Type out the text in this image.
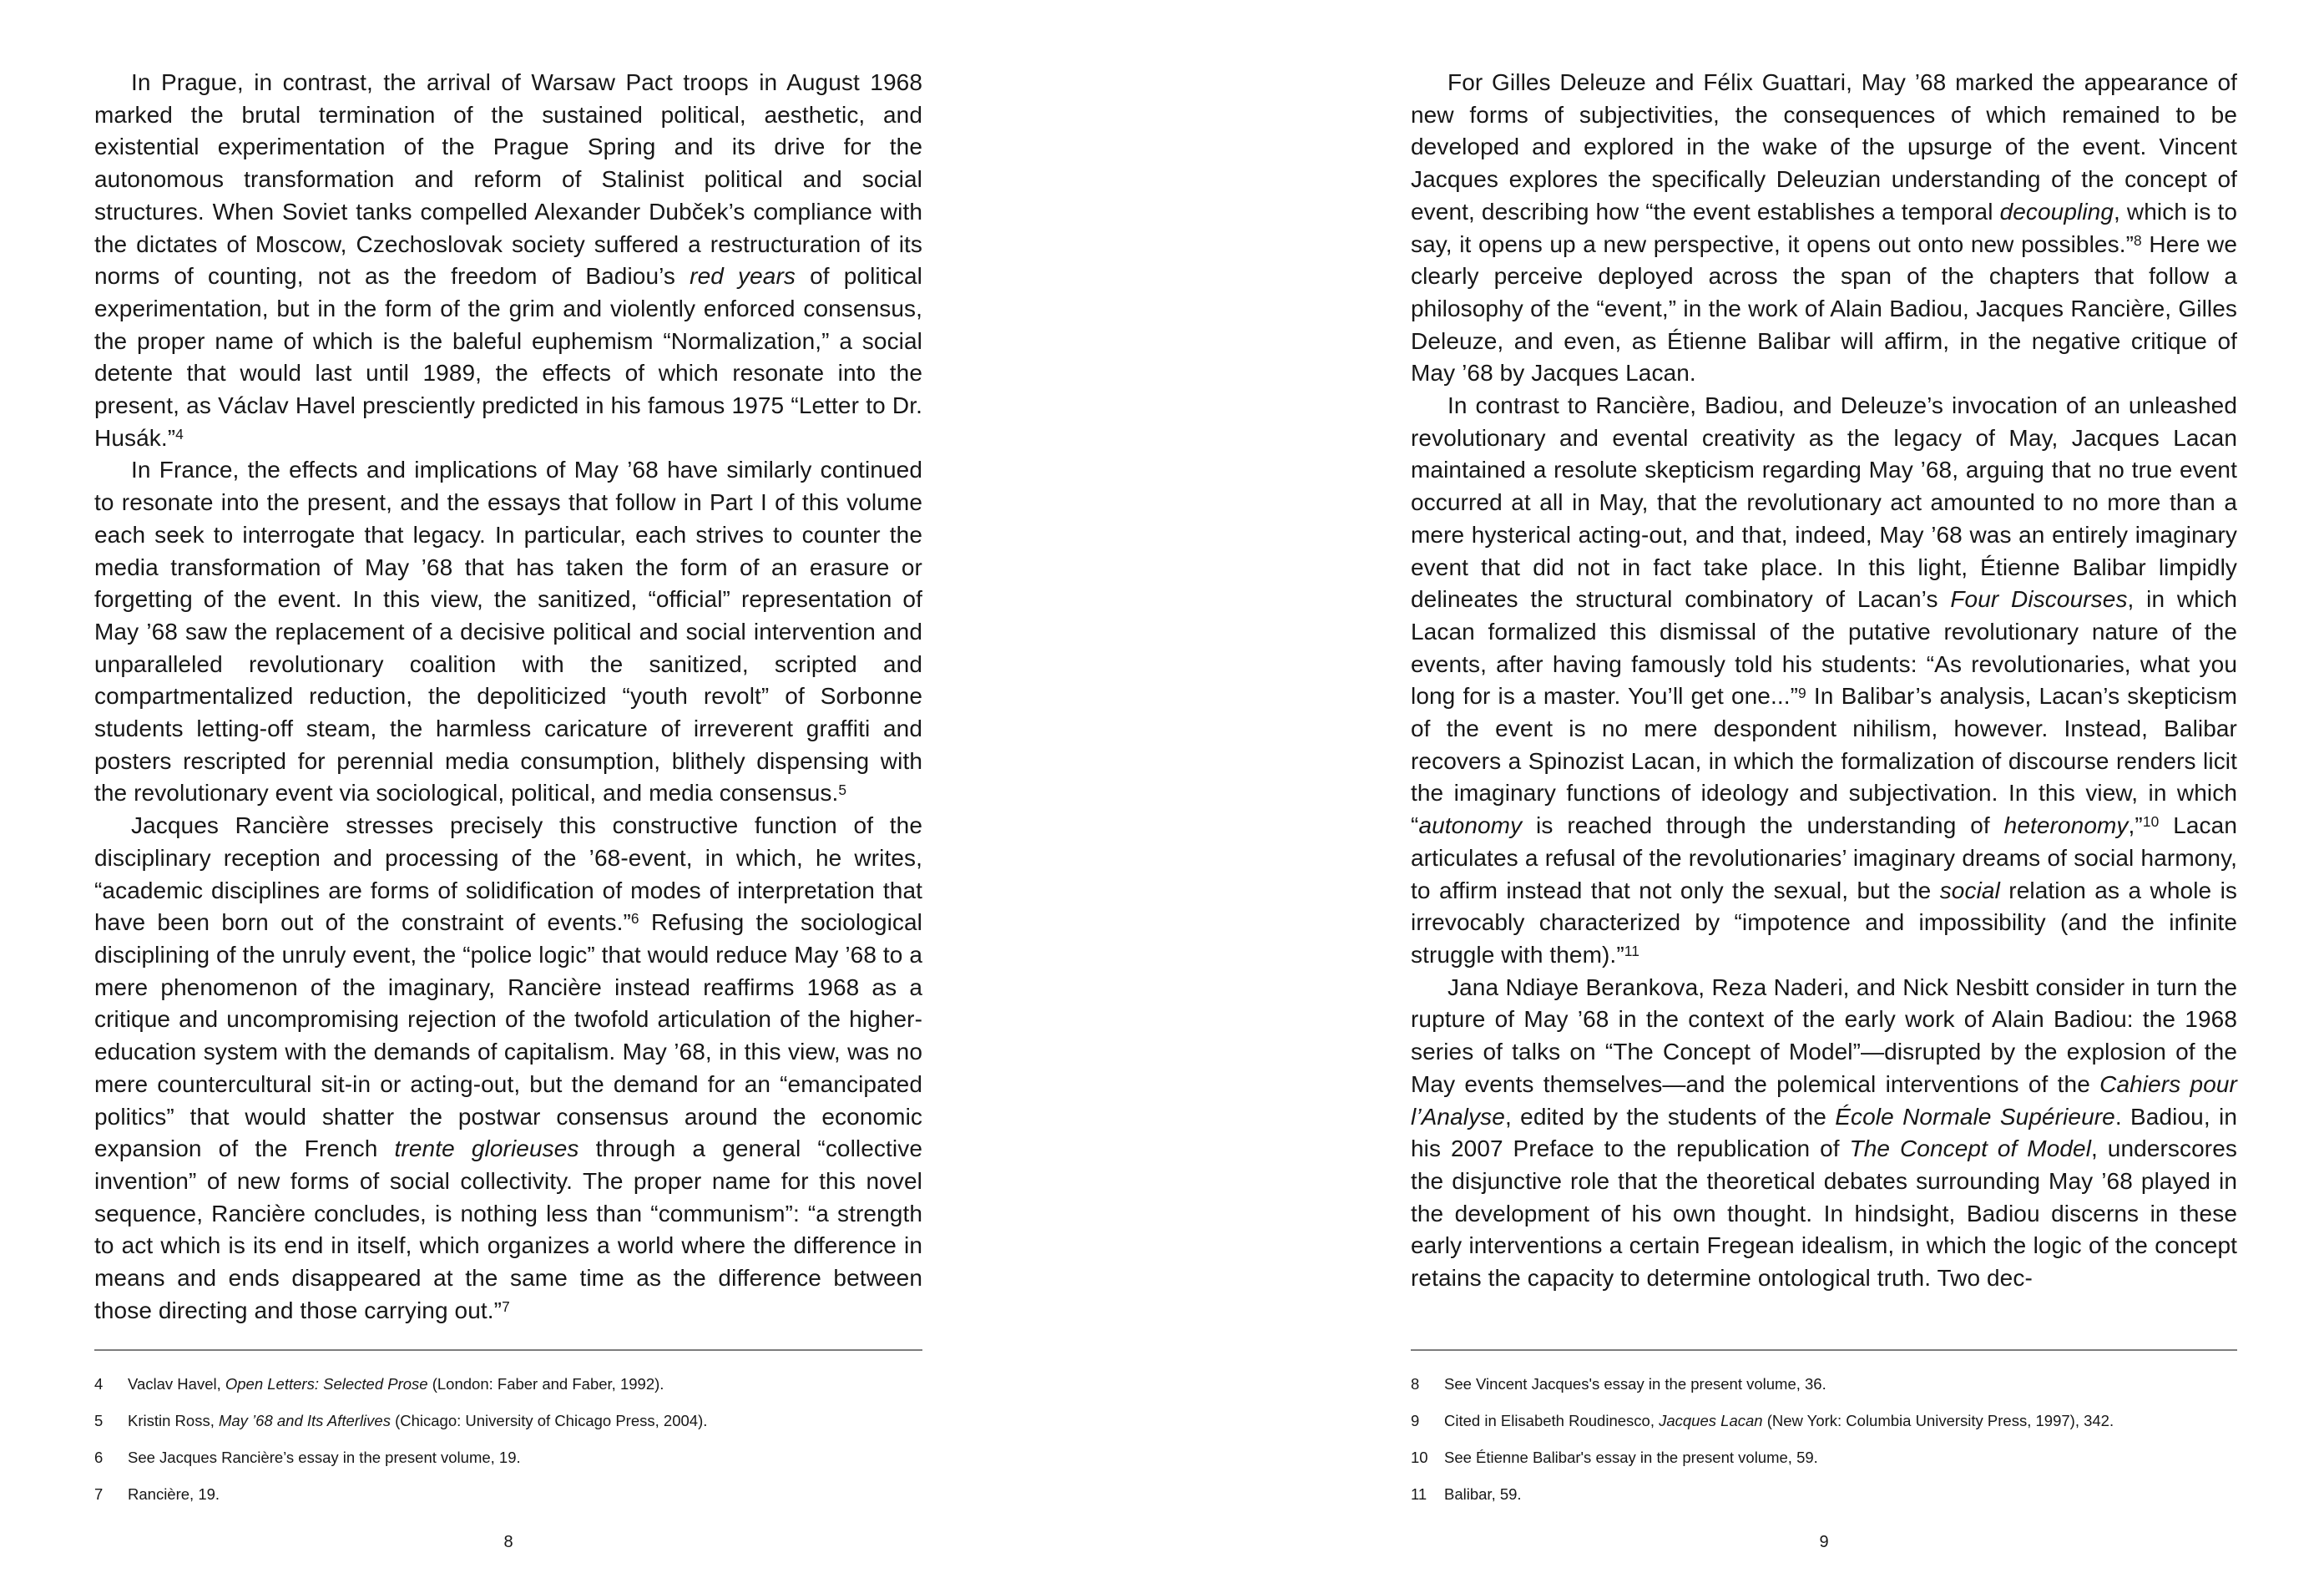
In Prague, in contrast, the arrival of Warsaw Pact troops in August 1968 marked the brutal termination of the sustained political, aesthetic, and existential experimentation of the Prague Spring and its drive for the autonomous transformation and reform of Stalinist political and social structures. When Soviet tanks compelled Alexander Dubček’s compliance with the dictates of Moscow, Czechoslovak society suffered a restructuration of its norms of counting, not as the freedom of Badiou’s red years of political experimentation, but in the form of the grim and violently enforced consensus, the proper name of which is the baleful euphemism “Normalization,” a social detente that would last until 1989, the effects of which resonate into the present, as Václav Havel presciently predicted in his famous 1975 “Letter to Dr. Husák.”$^4$

In France, the effects and implications of May ’68 have similarly continued to resonate into the present, and the essays that follow in Part I of this volume each seek to interrogate that legacy. In particular, each strives to counter the media transformation of May ’68 that has taken the form of an erasure or forgetting of the event. In this view, the sanitized, “official” representation of May ’68 saw the replacement of a decisive political and social intervention and unparalleled revolutionary coalition with the sanitized, scripted and compartmentalized reduction, the depoliticized “youth revolt” of Sorbonne students letting-off steam, the harmless caricature of irreverent graffiti and posters rescripted for perennial media consumption, blithely dispensing with the revolutionary event via sociological, political, and media consensus.$^5$

Jacques Rancière stresses precisely this constructive function of the disciplinary reception and processing of the ’68-event, in which, he writes, “academic disciplines are forms of solidification of modes of interpretation that have been born out of the constraint of events.”$^6$ Refusing the sociological disciplining of the unruly event, the “police logic” that would reduce May ’68 to a mere phenomenon of the imaginary, Rancière instead reaffirms 1968 as a critique and uncompromising rejection of the twofold articulation of the higher-education system with the demands of capitalism. May ’68, in this view, was no mere countercultural sit-in or acting-out, but the demand for an “emancipated politics” that would shatter the postwar consensus around the economic expansion of the French trente glorieuses through a general “collective invention” of new forms of social collectivity. The proper name for this novel sequence, Rancière concludes, is nothing less than “communism”: “a strength to act which is its end in itself, which organizes a world where the difference in means and ends disappeared at the same time as the difference between those directing and those carrying out.”$^7$

4	Vaclav Havel, Open Letters: Selected Prose (London: Faber and Faber, 1992).
5	Kristin Ross, May ’68 and Its Afterlives (Chicago: University of Chicago Press, 2004).
6	See Jacques Rancière’s essay in the present volume, 19.
7	Rancière, 19.
8

For Gilles Deleuze and Félix Guattari, May ’68 marked the appearance of new forms of subjectivities, the consequences of which remained to be developed and explored in the wake of the upsurge of the event. Vincent Jacques explores the specifically Deleuzian understanding of the concept of event, describing how “the event establishes a temporal decoupling, which is to say, it opens up a new perspective, it opens out onto new possibles.”$^8$ Here we clearly perceive deployed across the span of the chapters that follow a philosophy of the “event,” in the work of Alain Badiou, Jacques Rancière, Gilles Deleuze, and even, as Étienne Balibar will affirm, in the negative critique of May ’68 by Jacques Lacan.

In contrast to Rancière, Badiou, and Deleuze’s invocation of an unleashed revolutionary and evental creativity as the legacy of May, Jacques Lacan maintained a resolute skepticism regarding May ’68, arguing that no true event occurred at all in May, that the revolutionary act amounted to no more than a mere hysterical acting-out, and that, indeed, May ’68 was an entirely imaginary event that did not in fact take place. In this light, Étienne Balibar limpidly delineates the structural combinatory of Lacan’s Four Discourses, in which Lacan formalized this dismissal of the putative revolutionary nature of the events, after having famously told his students: “As revolutionaries, what you long for is a master. You’ll get one...”$^9$ In Balibar’s analysis, Lacan’s skepticism of the event is no mere despondent nihilism, however. Instead, Balibar recovers a Spinozist Lacan, in which the formalization of discourse renders licit the imaginary functions of ideology and subjectivation. In this view, in which “autonomy is reached through the understanding of heteronomy,”$^{10}$ Lacan articulates a refusal of the revolutionaries’ imaginary dreams of social harmony, to affirm instead that not only the sexual, but the social relation as a whole is irrevocably characterized by “impotence and impossibility (and the infinite struggle with them).”$^{11}$

Jana Ndiaye Berankova, Reza Naderi, and Nick Nesbitt consider in turn the rupture of May ’68 in the context of the early work of Alain Badiou: the 1968 series of talks on “The Concept of Model”—disrupted by the explosion of the May events themselves—and the polemical interventions of the Cahiers pour l’Analyse, edited by the students of the École Normale Supérieure. Badiou, in his 2007 Preface to the republication of The Concept of Model, underscores the disjunctive role that the theoretical debates surrounding May ’68 played in the development of his own thought. In hindsight, Badiou discerns in these early interventions a certain Fregean idealism, in which the logic of the concept retains the capacity to determine ontological truth. Two dec-

8	See Vincent Jacques's essay in the present volume, 36.
9	Cited in Elisabeth Roudinesco, Jacques Lacan (New York: Columbia University Press, 1997), 342.
10	See Étienne Balibar's essay in the present volume, 59.
11	Balibar, 59.
9
